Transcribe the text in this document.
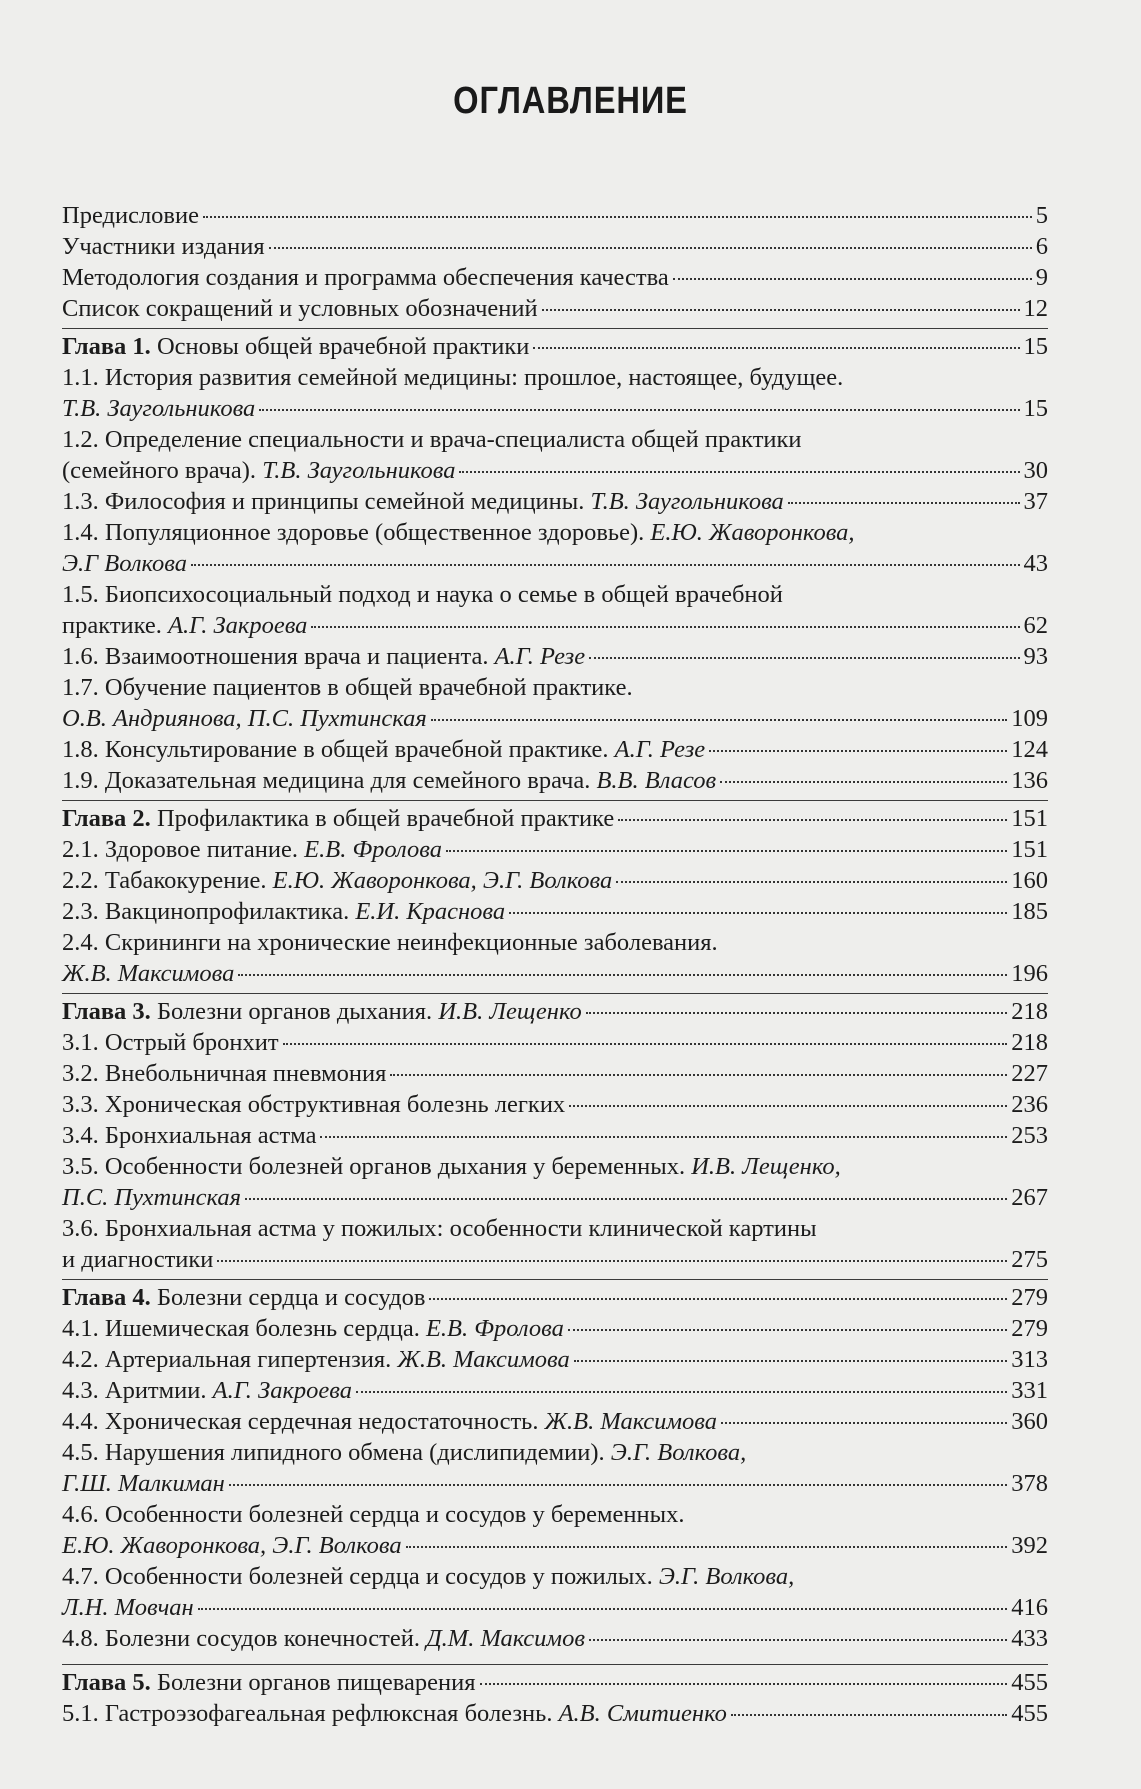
ОГЛАВЛЕНИЕ
Предисловие	5
Участники издания	6
Методология создания и программа обеспечения качества	9
Список сокращений и условных обозначений	12
Глава 1. Основы общей врачебной практики	15
1.1. История развития семейной медицины: прошлое, настоящее, будущее.
Т.В. Заугольникова	15
1.2. Определение специальности и врача-специалиста общей практики
(семейного врача). Т.В. Заугольникова	30
1.3. Философия и принципы семейной медицины. Т.В. Заугольникова	37
1.4. Популяционное здоровье (общественное здоровье). Е.Ю. Жаворонкова,
Э.Г Волкова	43
1.5. Биопсихосоциальный подход и наука о семье в общей врачебной
практике. А.Г. Закроева	62
1.6. Взаимоотношения врача и пациента. А.Г. Резе	93
1.7. Обучение пациентов в общей врачебной практике.
О.В. Андриянова, П.С. Пухтинская	109
1.8. Консультирование в общей врачебной практике. А.Г. Резе	124
1.9. Доказательная медицина для семейного врача. В.В. Власов	136
Глава 2. Профилактика в общей врачебной практике	151
2.1. Здоровое питание. Е.В. Фролова	151
2.2. Табакокурение. Е.Ю. Жаворонкова, Э.Г. Волкова	160
2.3. Вакцинопрофилактика. Е.И. Краснова	185
2.4. Скрининги на хронические неинфекционные заболевания.
Ж.В. Максимова	196
Глава 3. Болезни органов дыхания. И.В. Лещенко	218
3.1. Острый бронхит	218
3.2. Внебольничная пневмония	227
3.3. Хроническая обструктивная болезнь легких	236
3.4. Бронхиальная астма	253
3.5. Особенности болезней органов дыхания у беременных. И.В. Лещенко,
П.С. Пухтинская	267
3.6. Бронхиальная астма у пожилых: особенности клинической картины
и диагностики	275
Глава 4. Болезни сердца и сосудов	279
4.1. Ишемическая болезнь сердца. Е.В. Фролова	279
4.2. Артериальная гипертензия. Ж.В. Максимова	313
4.3. Аритмии. А.Г. Закроева	331
4.4. Хроническая сердечная недостаточность. Ж.В. Максимова	360
4.5. Нарушения липидного обмена (дислипидемии). Э.Г. Волкова,
Г.Ш. Малкиман	378
4.6. Особенности болезней сердца и сосудов у беременных.
Е.Ю. Жаворонкова, Э.Г. Волкова	392
4.7. Особенности болезней сердца и сосудов у пожилых. Э.Г. Волкова,
Л.Н. Мовчан	416
4.8. Болезни сосудов конечностей. Д.М. Максимов	433
Глава 5. Болезни органов пищеварения	455
5.1. Гастроэзофагеальная рефлюксная болезнь. А.В. Смитиенко	455
